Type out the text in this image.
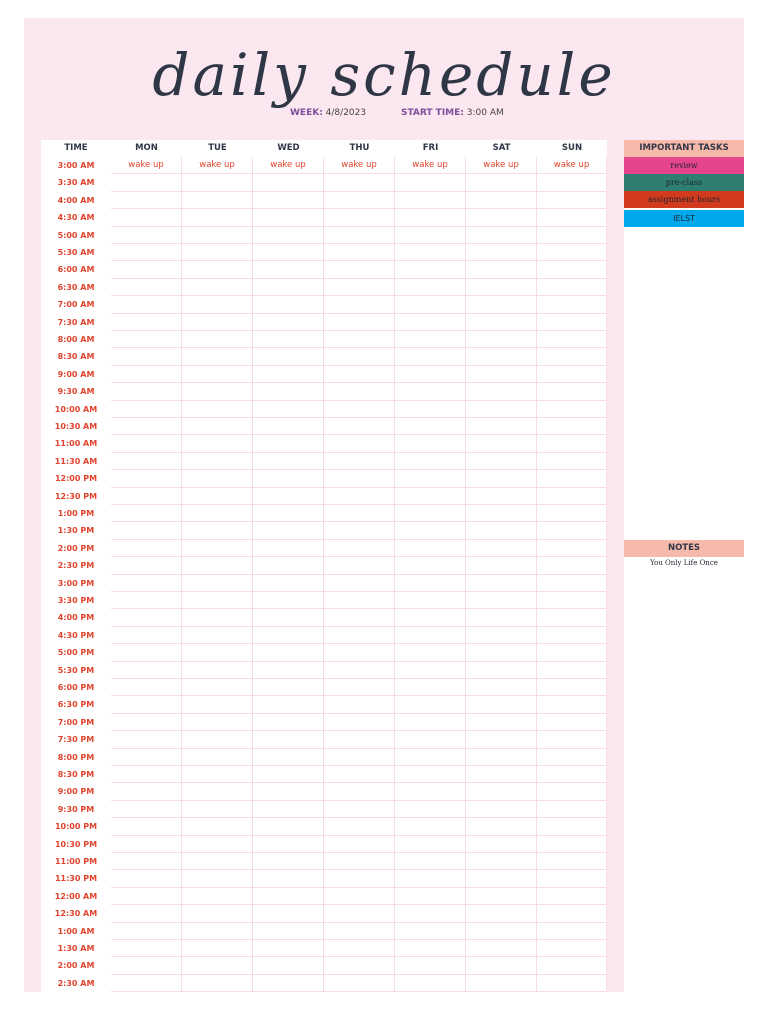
daily schedule
WEEK: 4/8/2023	START TIME: 3:00 AM
TIME	MON	TUE	WED	THU	FRI	SAT	SUN	IMPORTANT TASKS
review
pre-class
assignment hours
IELST
NOTES
You Only Life Once
3:00 AM	wake up	wake up	wake up	wake up	wake up	wake up	wake up
3:30 AM
4:00 AM
4:30 AM
5:00 AM
5:30 AM
6:00 AM
6:30 AM
7:00 AM
7:30 AM
8:00 AM
8:30 AM
9:00 AM
9:30 AM
10:00 AM
10:30 AM
11:00 AM
11:30 AM
12:00 PM
12:30 PM
1:00 PM
1:30 PM
2:00 PM
2:30 PM
3:00 PM
3:30 PM
4:00 PM
4:30 PM
5:00 PM
5:30 PM
6:00 PM
6:30 PM
7:00 PM
7:30 PM
8:00 PM
8:30 PM
9:00 PM
9:30 PM
10:00 PM
10:30 PM
11:00 PM
11:30 PM
12:00 AM
12:30 AM
1:00 AM
1:30 AM
2:00 AM
2:30 AM
